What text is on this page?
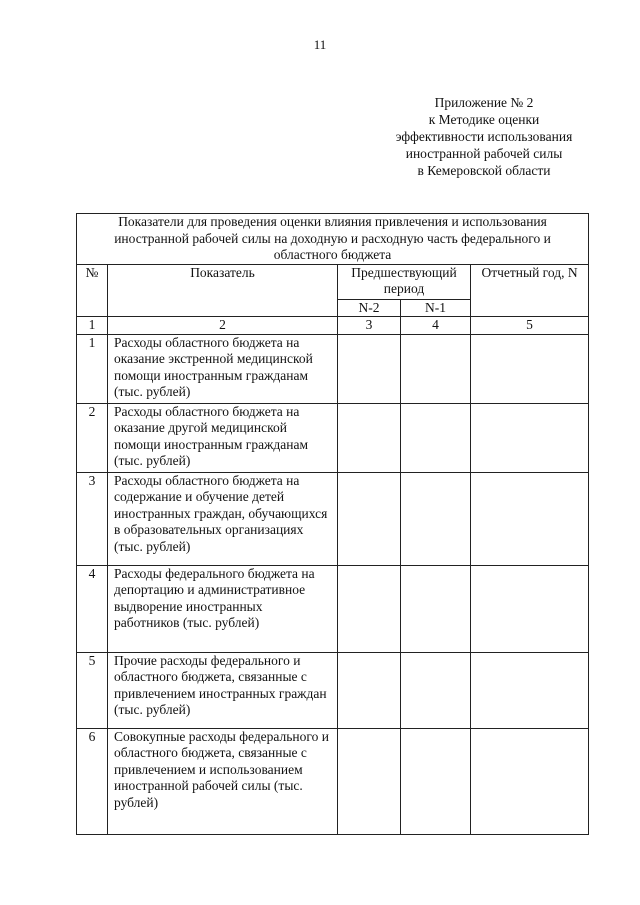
11
Приложение № 2
к Методике оценки
эффективности использования
иностранной рабочей силы
в Кемеровской области
Показатели для проведения оценки влияния привлечения и использования иностранной рабочей силы на доходную и расходную часть федерального и областного бюджета				
№	Показатель	Предшествующий период		Отчетный год, N
		N-2	N-1	
1	2	3	4	5
1	Расходы областного бюджета на оказание экстренной медицинской помощи иностранным гражданам (тыс. рублей)			
2	Расходы областного бюджета на оказание другой медицинской помощи иностранным гражданам (тыс. рублей)			
3	Расходы областного бюджета на содержание и обучение детей иностранных граждан, обучающихся в образовательных организациях (тыс. рублей)			
4	Расходы федерального бюджета на депортацию и административное выдворение иностранных работников (тыс. рублей)			
5	Прочие расходы федерального и областного бюджета, связанные с привлечением иностранных граждан (тыс. рублей)			
6	Совокупные расходы федерального и областного бюджета, связанные с привлечением и использованием иностранной рабочей силы (тыс. рублей)			
